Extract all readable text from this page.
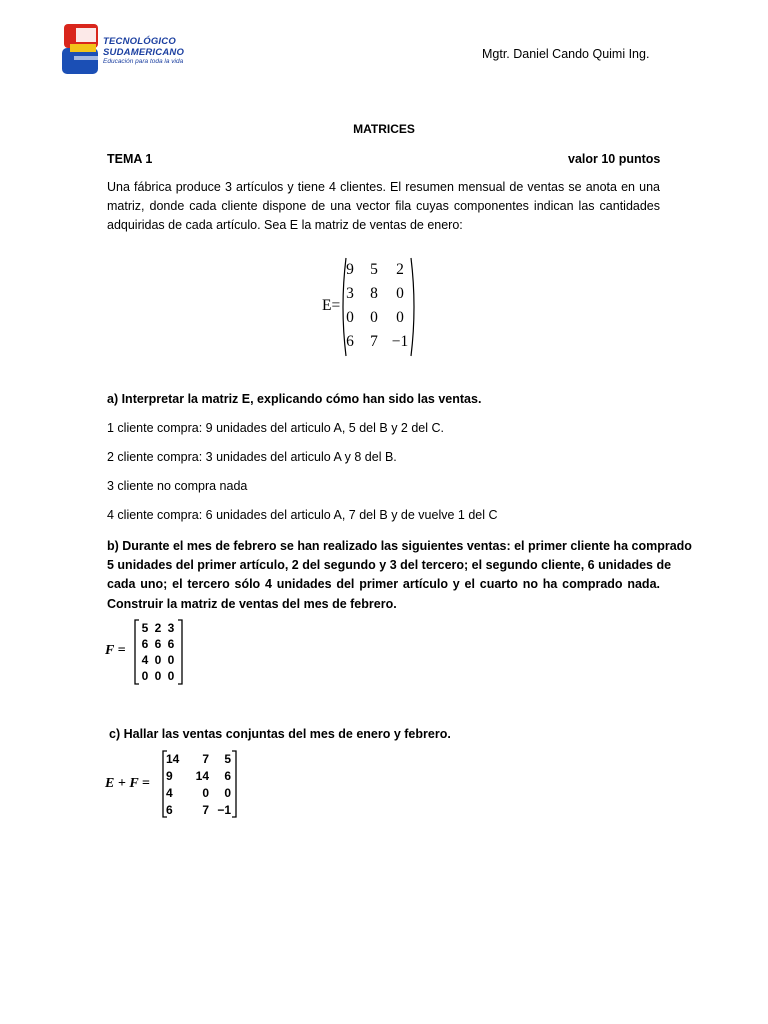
TECNOLÓGICO
SUDAMERICANO
Educación para toda la vida
Mgtr. Daniel Cando Quimi Ing.
MATRICES
TEMA 1	valor 10 puntos
Una fábrica produce 3 artículos y tiene 4 clientes. El resumen mensual de ventas se anota en una
matriz, donde cada cliente dispone de una vector fila cuyas componentes indican las cantidades
adquiridas de cada artículo. Sea E la matriz de ventas de enero:
E=
9	5	2
3	8	0
0	0	0
6	7 −1
a) Interpretar la matriz E, explicando cómo han sido las ventas.
1 cliente compra: 9 unidades del articulo A, 5 del B y 2 del C.
2 cliente compra: 3 unidades del articulo A y 8 del B.
3 cliente no compra nada
4 cliente compra: 6 unidades del articulo A, 7 del B y de vuelve 1 del C
b) Durante el mes de febrero se han realizado las siguientes ventas: el primer cliente ha comprado
5 unidades del primer artículo, 2 del segundo y 3 del tercero; el segundo cliente, 6 unidades de
cada uno; el tercero sólo 4 unidades del primer artículo y el cuarto no ha comprado nada.
Construir la matriz de ventas del mes de febrero.
F =
5 2 3
6 6 6
4 0 0
0 0 0
c) Hallar las ventas conjuntas del mes de enero y febrero.
E + F =
14	7	5
9	14	6
4	0	0
6	7 −1
